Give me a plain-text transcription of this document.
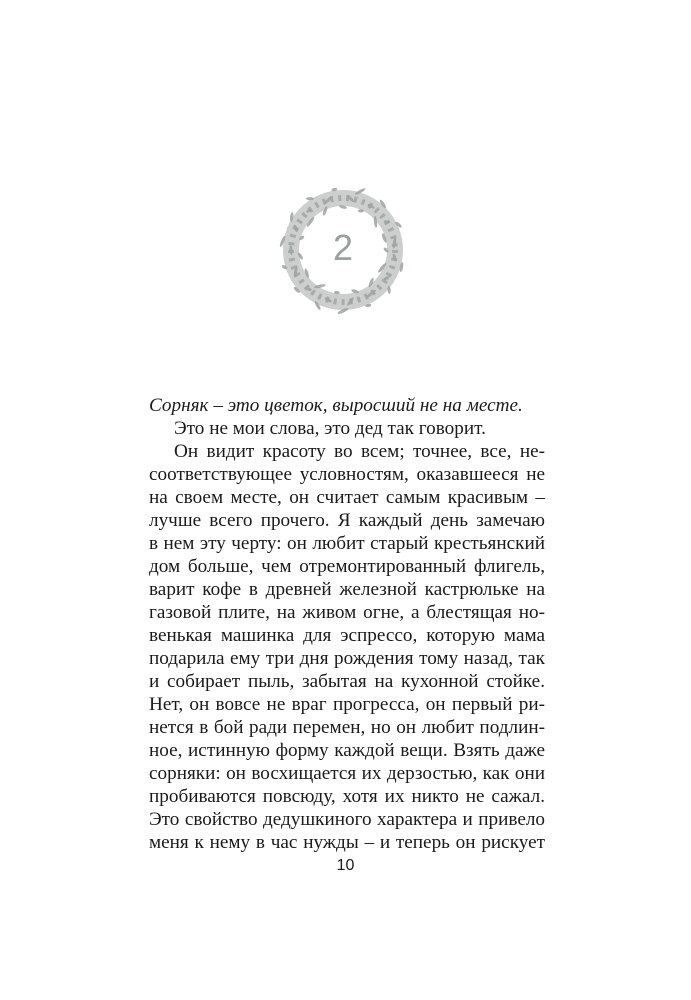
2
Сорняк – это цветок, выросший не на месте.
Это не мои слова, это дед так говорит.
Он видит красоту во всем; точнее, все, не-
соответствующее условностям, оказавшееся не
на своем месте, он считает самым красивым –
лучше всего прочего. Я каждый день замечаю
в нем эту черту: он любит старый крестьянский
дом больше, чем отремонтированный флигель,
варит кофе в древней железной кастрюльке на
газовой плите, на живом огне, а блестящая но-
венькая машинка для эспрессо, которую мама
подарила ему три дня рождения тому назад, так
и собирает пыль, забытая на кухонной стойке.
Нет, он вовсе не враг прогресса, он первый ри-
нется в бой ради перемен, но он любит подлин-
ное, истинную форму каждой вещи. Взять даже
сорняки: он восхищается их дерзостью, как они
пробиваются повсюду, хотя их никто не сажал.
Это свойство дедушкиного характера и привело
меня к нему в час нужды – и теперь он рискует
10
